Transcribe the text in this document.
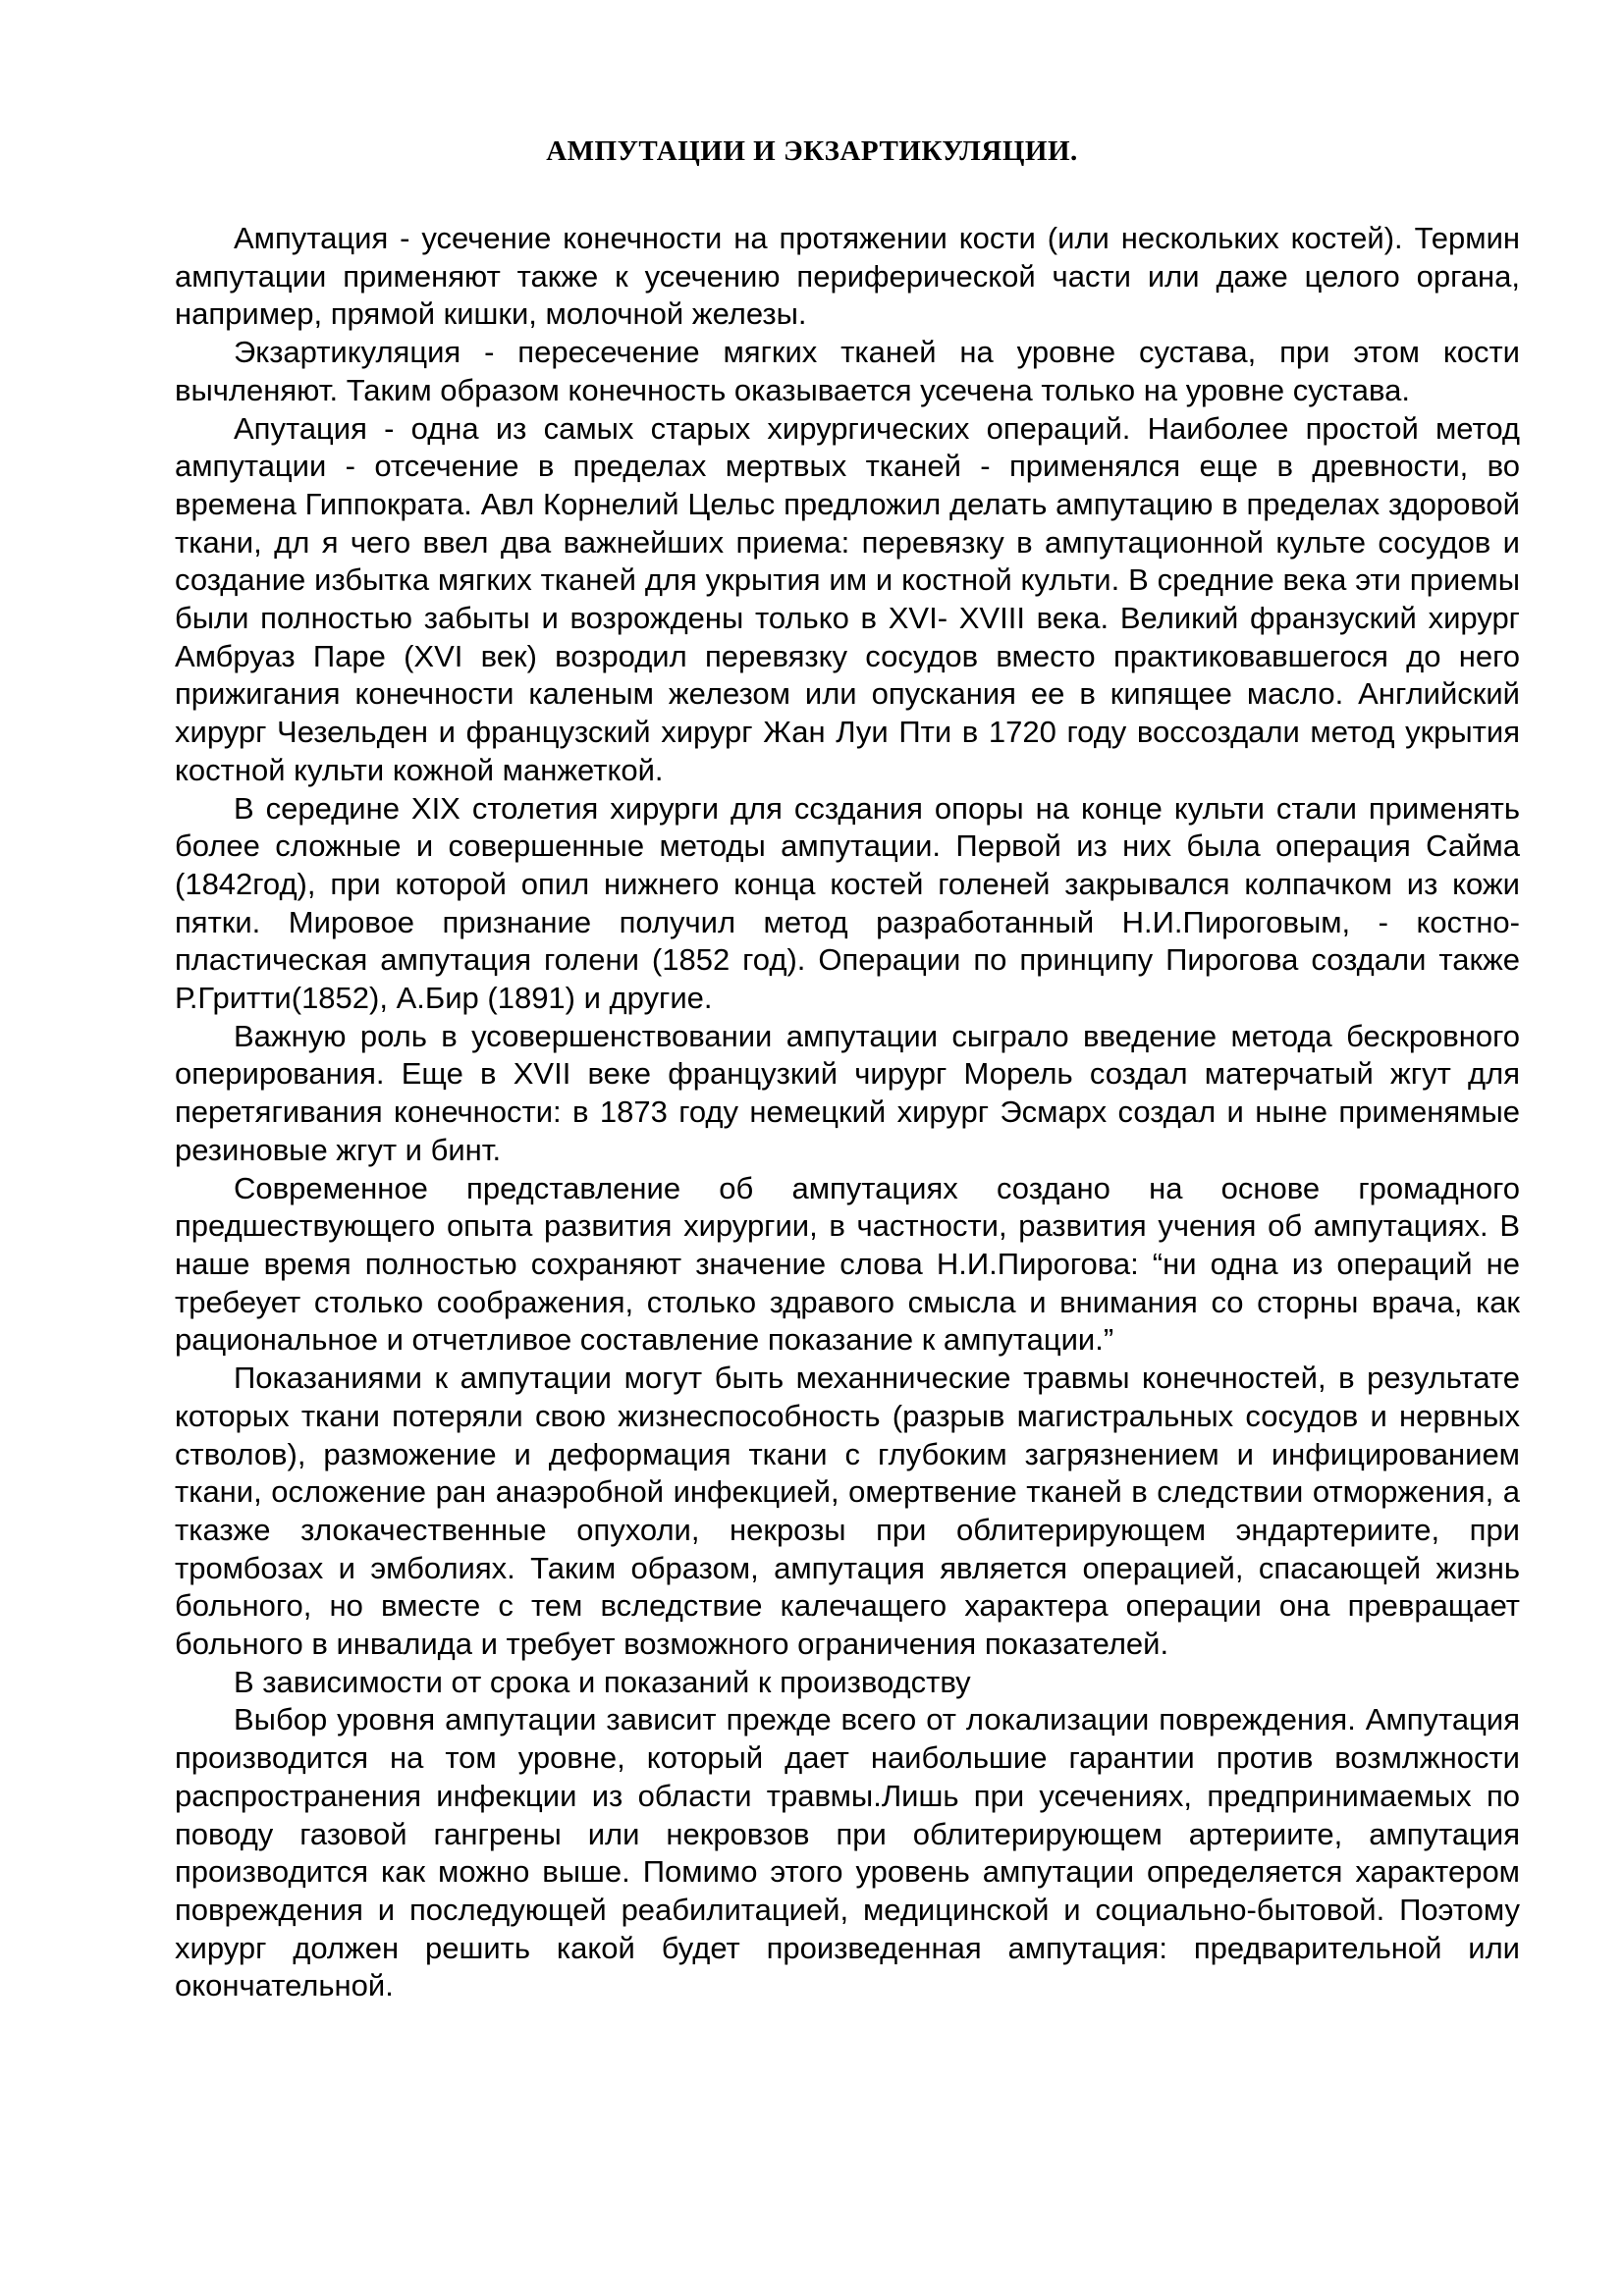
АМПУТАЦИИ И ЭКЗАРТИКУЛЯЦИИ.

Ампутация - усечение конечности на протяжении кости (или нескольких костей). Термин ампутации применяют также к усечению периферической части или даже целого органа, например, прямой кишки, молочной железы.

Экзартикуляция - пересечение мягких тканей на уровне сустава, при этом кости вычленяют. Таким образом конечность оказывается усечена только на уровне сустава.

Апутация - одна из самых старых хирургических операций. Наиболее простой метод ампутации - отсечение в пределах мертвых тканей - применялся еще в древности, во времена Гиппократа. Авл Корнелий Цельс предложил делать ампутацию в пределах здоровой ткани, дл я чего ввел два важнейших приема: перевязку в ампутационной культе сосудов и создание избытка мягких тканей для укрытия им и костной культи. В средние века эти приемы были полностью забыты и возрождены только в XVI- XVIII века. Великий франзуский хирург Амбруаз Паре (XVI век) возродил перевязку сосудов вместо практиковавшегося до него прижигания конечности каленым железом или опускания ее в кипящее масло. Английский хирург Чезельден и французский хирург Жан Луи Пти в 1720 году воссоздали метод укрытия костной культи кожной манжеткой.

В середине XIX столетия хирурги для ссздания опоры на конце культи стали применять более сложные и совершенные методы ампутации. Первой из них была операция Сайма (1842год), при которой опил нижнего конца костей голеней закрывался колпачком из кожи пятки. Мировое признание получил метод разработанный Н.И.Пироговым, - костно-пластическая ампутация голени (1852 год). Операции по принципу Пирогова создали также Р.Гритти(1852), А.Бир (1891) и другие.

Важную роль в усовершенствовании ампутации сыграло введение метода бескровного оперирования. Еще в XVII веке французкий чирург Морель создал матерчатый жгут для перетягивания конечности: в 1873 году немецкий хирург Эсмарх создал и ныне применямые резиновые жгут и бинт.

Современное представление об ампутациях создано на основе громадного предшествующего опыта развития хирургии, в частности, развития учения об ампутациях. В наше время полностью сохраняют значение слова Н.И.Пирогова: “ни одна из операций не требеует столько соображения, столько здравого смысла и внимания со сторны врача, как рациональное и отчетливое составление показание к ампутации.”

Показаниями к ампутации могут быть механнические травмы конечностей, в результате которых ткани потеряли свою жизнеспособность (разрыв магистральных сосудов и нервных стволов), разможение и деформация ткани с глубоким загрязнением и инфицированием ткани, осложение ран анаэробной инфекцией, омертвение тканей в следствии отморжения, а тказже злокачественные опухоли, некрозы при облитерирующем эндартериите, при тромбозах и эмболиях. Таким образом, ампутация является операцией, спасающей жизнь больного, но вместе с тем вследствие калечащего характера операции она превращает больного в инвалида и требует возможного ограничения показателей.

В зависимости от срока и показаний к производству

Выбор уровня ампутации зависит прежде всего от локализации повреждения. Ампутация производится на том уровне, который дает наибольшие гарантии против возмлжности распространения инфекции из области травмы.Лишь при усечениях, предпринимаемых по поводу газовой гангрены или некровзов при облитерирующем артериите, ампутация производится как можно выше. Помимо этого уровень ампутации определяется характером повреждения и последующей реабилитацией, медицинской и социально-бытовой. Поэтому хирург должен решить какой будет произведенная ампутация: предварительной или окончательной.
